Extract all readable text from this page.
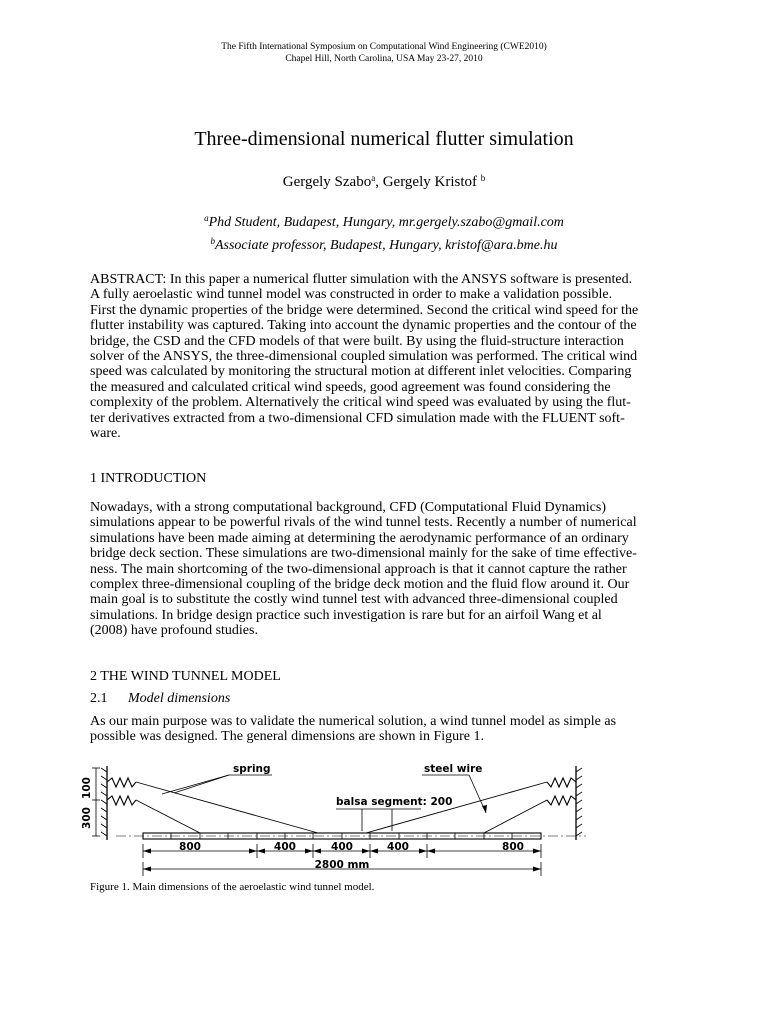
The Fifth International Symposium on Computational Wind Engineering (CWE2010)
Chapel Hill, North Carolina, USA May 23-27, 2010
Three-dimensional numerical flutter simulation
Gergely Szabo$^a$, Gergely Kristof $^b$
$^a$Phd Student, Budapest, Hungary, mr.gergely.szabo@gmail.com
$^b$Associate professor, Budapest, Hungary, kristof@ara.bme.hu
ABSTRACT: In this paper a numerical flutter simulation with the ANSYS software is presented.
A fully aeroelastic wind tunnel model was constructed in order to make a validation possible.
First the dynamic properties of the bridge were determined. Second the critical wind speed for the
flutter instability was captured. Taking into account the dynamic properties and the contour of the
bridge, the CSD and the CFD models of that were built. By using the fluid-structure interaction
solver of the ANSYS, the three-dimensional coupled simulation was performed. The critical wind
speed was calculated by monitoring the structural motion at different inlet velocities. Comparing
the measured and calculated critical wind speeds, good agreement was found considering the
complexity of the problem. Alternatively the critical wind speed was evaluated by using the flut-
ter derivatives extracted from a two-dimensional CFD simulation made with the FLUENT soft-
ware.
1 INTRODUCTION
Nowadays, with a strong computational background, CFD (Computational Fluid Dynamics)
simulations appear to be powerful rivals of the wind tunnel tests. Recently a number of numerical
simulations have been made aiming at determining the aerodynamic performance of an ordinary
bridge deck section. These simulations are two-dimensional mainly for the sake of time effective-
ness. The main shortcoming of the two-dimensional approach is that it cannot capture the rather
complex three-dimensional coupling of the bridge deck motion and the fluid flow around it. Our
main goal is to substitute the costly wind tunnel test with advanced three-dimensional coupled
simulations. In bridge design practice such investigation is rare but for an airfoil Wang et al
(2008) have profound studies.
2 THE WIND TUNNEL MODEL
2.1 Model dimensions
As our main purpose was to validate the numerical solution, a wind tunnel model as simple as
possible was designed. The general dimensions are shown in Figure 1.
100
300
spring	steel wire
balsa segment: 200
800	400	400	400	800
2800 mm
Figure 1. Main dimensions of the aeroelastic wind tunnel model.
